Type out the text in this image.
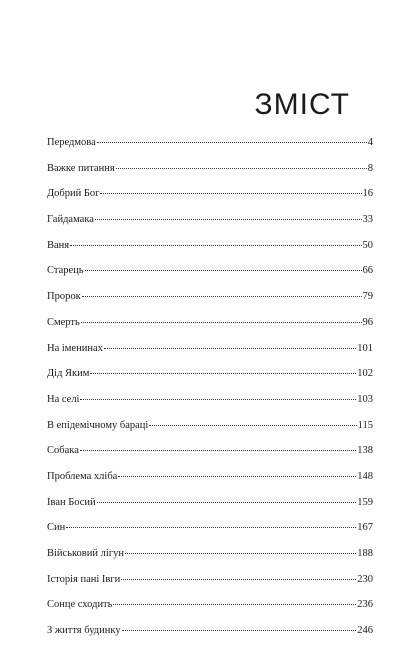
ЗМІСТ
Передмова	4
Важке питання	8
Добрий Бог	16
Гайдамака	33
Ваня	50
Старець	66
Пророк	79
Смерть	96
На іменинах	101
Дід Яким	102
На селі	103
В епідемічному бараці	115
Собака	138
Проблема хліба	148
Іван Босий	159
Син	167
Військовий лігун	188
Історія пані Івги	230
Сонце сходить	236
З життя будинку	246
